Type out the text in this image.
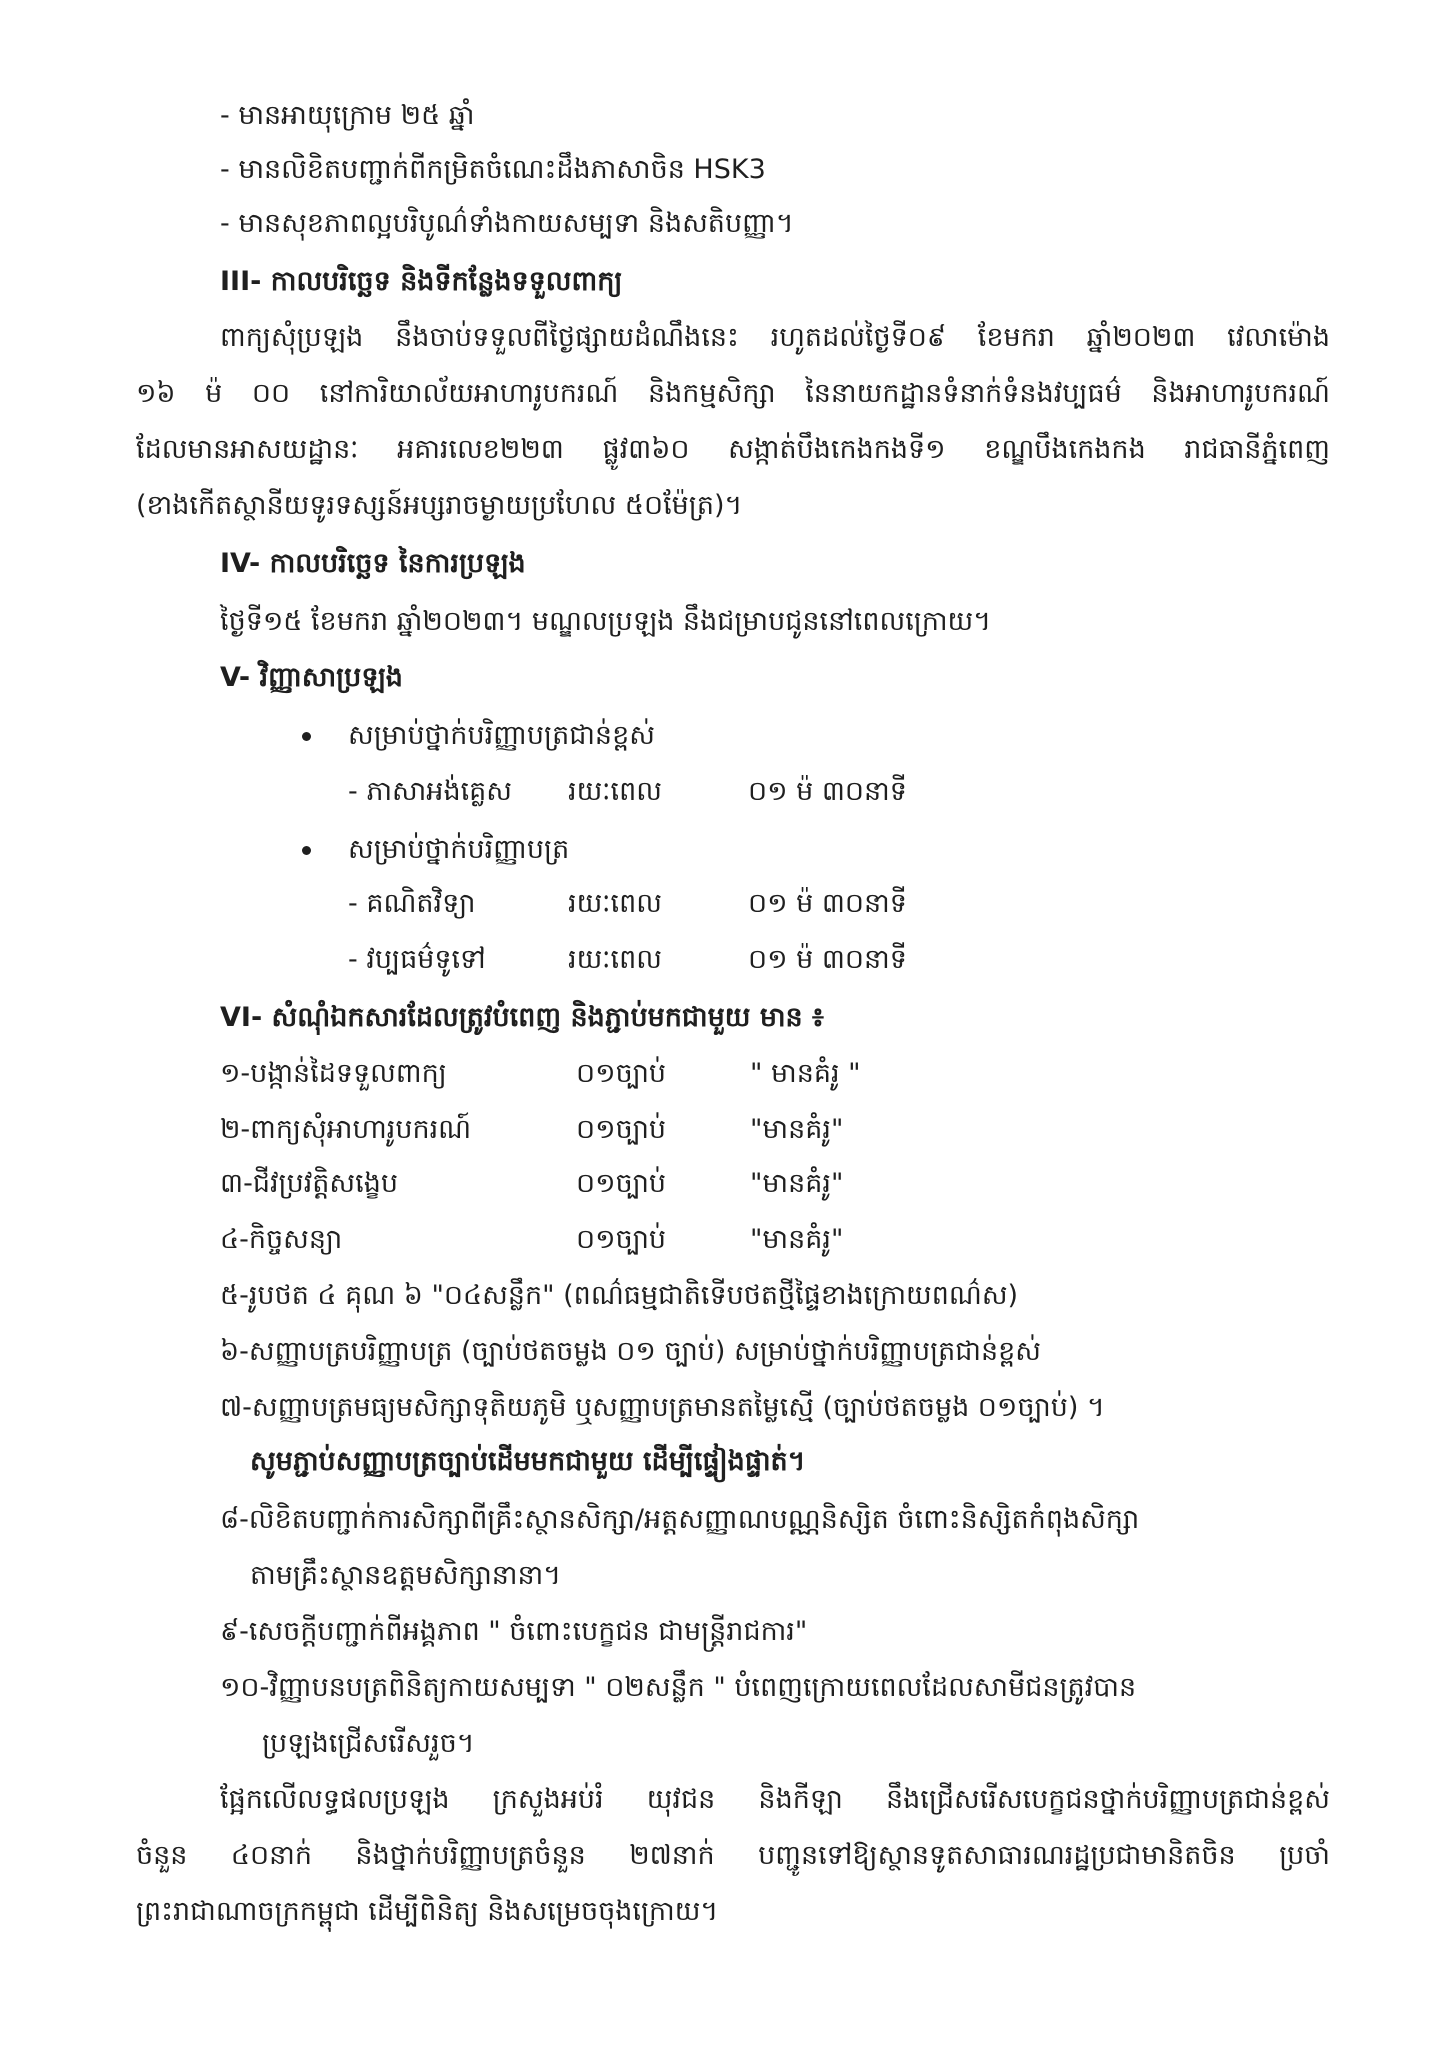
- មានអាយុក្រោម ២៥ ឆ្នាំ
- មានលិខិតបញ្ជាក់ពីកម្រិតចំណេះដឹងភាសាចិន HSK3
- មានសុខភាពល្អបរិបូណ៌ទាំងកាយសម្បទា និងសតិបញ្ញា។
III- កាលបរិច្ឆេទ និងទីកន្លែងទទួលពាក្យ
ពាក្យសុំប្រឡង នឹងចាប់ទទួលពីថ្ងៃផ្សាយដំណឹងនេះ រហូតដល់ថ្ងៃទី០៩ ខែមករា ឆ្នាំ២០២៣ វេលាម៉ោង
១៦ ម៉ ០០ នៅការិយាល័យអាហារូបករណ៍ និងកម្មសិក្សា នៃនាយកដ្ឋានទំនាក់ទំនងវប្បធម៌ និងអាហារូបករណ៍
ដែលមានអាសយដ្ឋានៈ អគារលេខ២២៣ ផ្លូវ៣៦០ សង្កាត់បឹងកេងកងទី១ ខណ្ឌបឹងកេងកង រាជធានីភ្នំពេញ
(ខាងកើតស្ថានីយទូរទស្សន៍អប្សរាចម្ងាយប្រហែល ៥០ម៉ែត្រ)។
IV- កាលបរិច្ឆេទ នៃការប្រឡង
ថ្ងៃទី១៥ ខែមករា ឆ្នាំ២០២៣។ មណ្ឌលប្រឡង នឹងជម្រាបជូននៅពេលក្រោយ។
V- វិញ្ញាសាប្រឡង
សម្រាប់ថ្នាក់បរិញ្ញាបត្រជាន់ខ្ពស់
- ភាសាអង់គ្លេស រយៈពេល	០១ ម៉ ៣០នាទី
សម្រាប់ថ្នាក់បរិញ្ញាបត្រ
- គណិតវិទ្យា	រយៈពេល	០១ ម៉ ៣០នាទី
- វប្បធម៌ទូទៅ	រយៈពេល	០១ ម៉ ៣០នាទី
VI- សំណុំឯកសារដែលត្រូវបំពេញ និងភ្ជាប់មកជាមួយ មាន ៖
១-បង្កាន់ដៃទទួលពាក្យ	០១ច្បាប់	" មានគំរូ "
២-ពាក្យសុំអាហារូបករណ៍	០១ច្បាប់	"មានគំរូ"
៣-ជីវប្រវត្តិសង្ខេប	០១ច្បាប់	"មានគំរូ"
៤-កិច្ចសន្យា	០១ច្បាប់	"មានគំរូ"
៥-រូបថត ៤ គុណ ៦ "០៤សន្លឹក" (ពណ៌ធម្មជាតិទើបថតថ្មីផ្ទៃខាងក្រោយពណ៌ស)
៦-សញ្ញាបត្របរិញ្ញាបត្រ (ច្បាប់ថតចម្លង ០១ ច្បាប់) សម្រាប់ថ្នាក់បរិញ្ញាបត្រជាន់ខ្ពស់
៧-សញ្ញាបត្រមធ្យមសិក្សាទុតិយភូមិ ឬសញ្ញាបត្រមានតម្លៃស្មើ (ច្បាប់ថតចម្លង ០១ច្បាប់) ។
សូមភ្ជាប់សញ្ញាបត្រច្បាប់ដើមមកជាមួយ ដើម្បីផ្ទៀងផ្ទាត់។
៨-លិខិតបញ្ជាក់ការសិក្សាពីគ្រឹះស្ថានសិក្សា/អត្តសញ្ញាណបណ្ណនិស្សិត ចំពោះនិស្សិតកំពុងសិក្សា
តាមគ្រឹះស្ថានឧត្តមសិក្សានានា។
៩-សេចក្តីបញ្ជាក់ពីអង្គភាព " ចំពោះបេក្ខជន ជាមន្រ្តីរាជការ"
១០-វិញ្ញាបនបត្រពិនិត្យកាយសម្បទា " ០២សន្លឹក " បំពេញក្រោយពេលដែលសាមីជនត្រូវបាន
ប្រឡងជ្រើសរើសរួច។
ផ្អែកលើលទ្ធផលប្រឡង ក្រសួងអប់រំ យុវជន និងកីឡា នឹងជ្រើសរើសបេក្ខជនថ្នាក់បរិញ្ញាបត្រជាន់ខ្ពស់
ចំនួន ៤០នាក់ និងថ្នាក់បរិញ្ញាបត្រចំនួន ២៧នាក់ បញ្ជូនទៅឱ្យស្ថានទូតសាធារណរដ្ឋប្រជាមានិតចិន ប្រចាំ
ព្រះរាជាណាចក្រកម្ពុជា ដើម្បីពិនិត្យ និងសម្រេចចុងក្រោយ។
